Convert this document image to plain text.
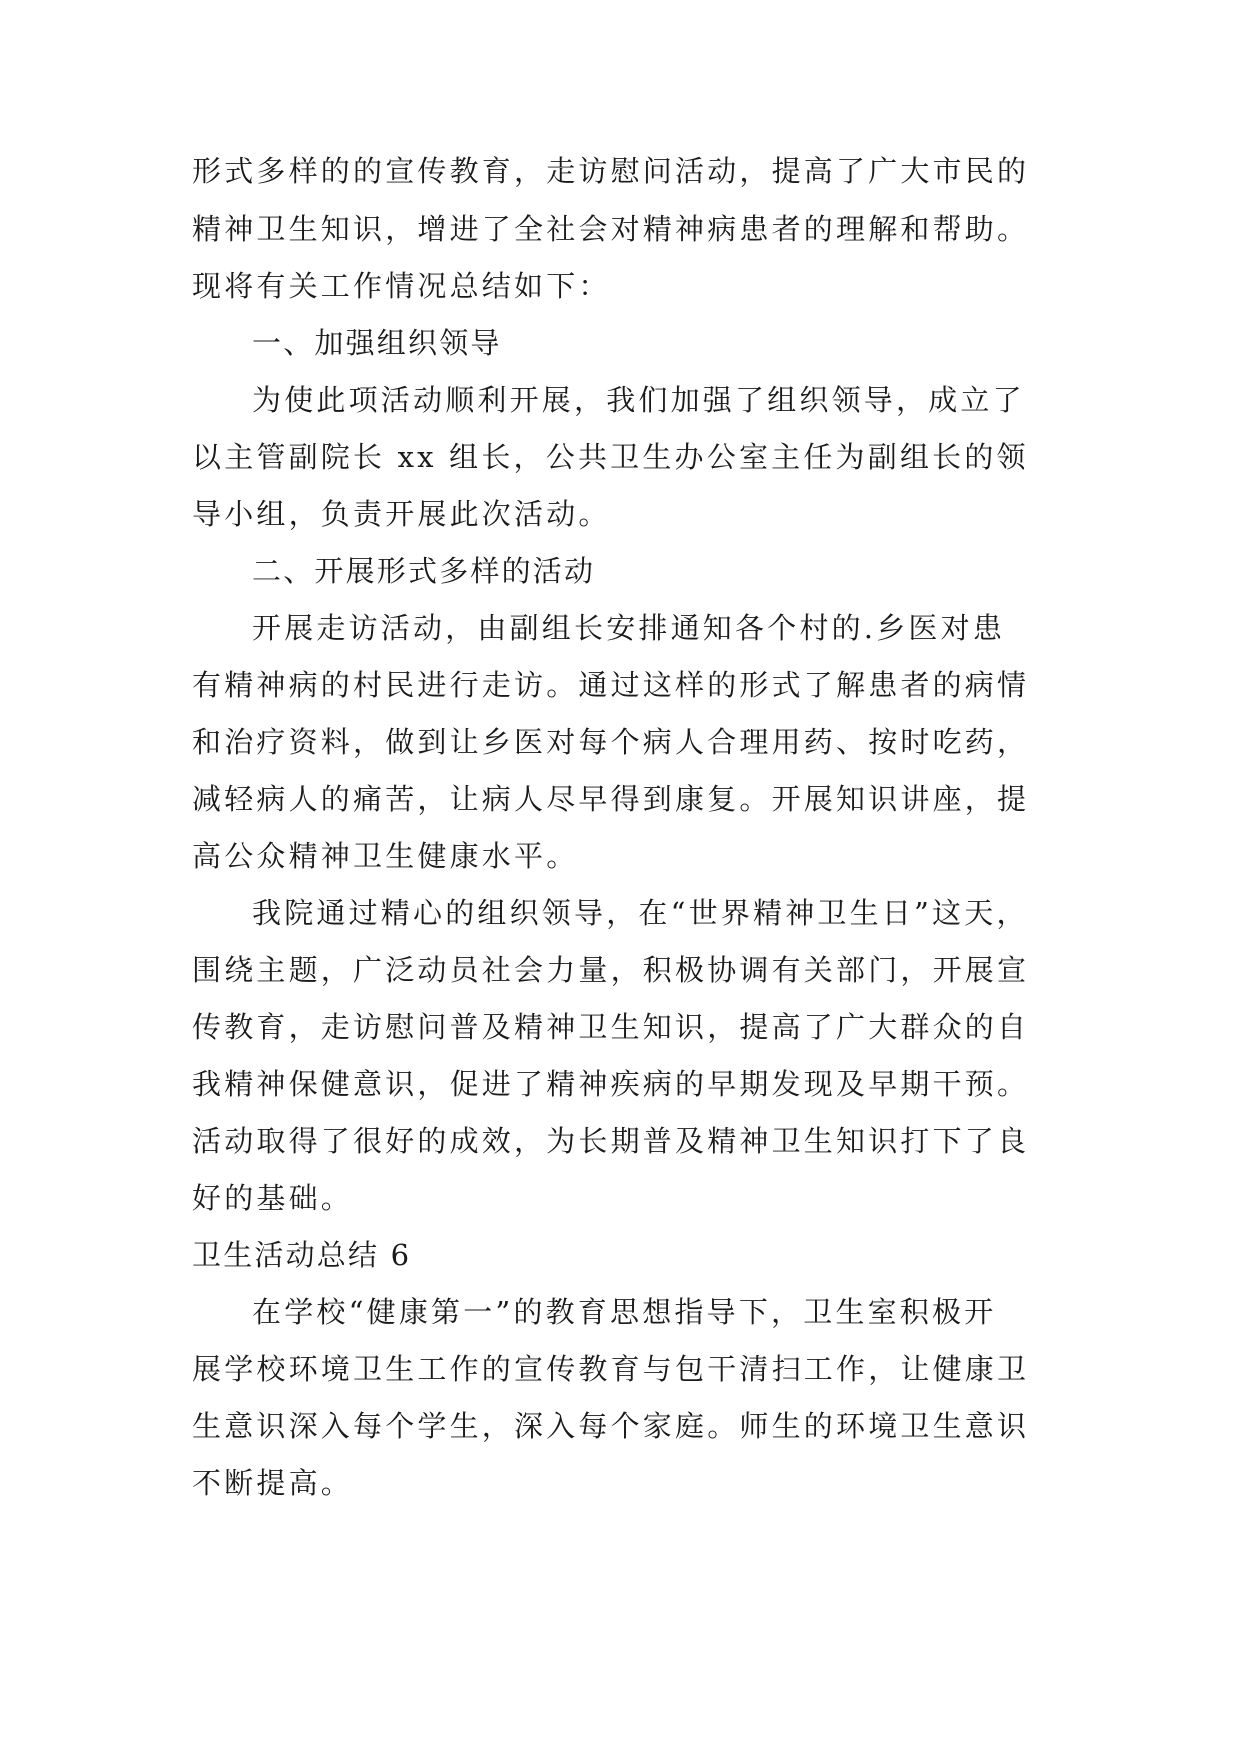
形式多样的的宣传教育，走访慰问活动，提高了广大市民的

精神卫生知识，增进了全社会对精神病患者的理解和帮助。

现将有关工作情况总结如下：

一、加强组织领导

为使此项活动顺利开展，我们加强了组织领导，成立了

以主管副院长 xx 组长，公共卫生办公室主任为副组长的领

导小组，负责开展此次活动。

二、开展形式多样的活动

开展走访活动，由副组长安排通知各个村的.乡医对患

有精神病的村民进行走访。通过这样的形式了解患者的病情

和治疗资料，做到让乡医对每个病人合理用药、按时吃药，

减轻病人的痛苦，让病人尽早得到康复。开展知识讲座，提

高公众精神卫生健康水平。

我院通过精心的组织领导，在“世界精神卫生日”这天，

围绕主题，广泛动员社会力量，积极协调有关部门，开展宣

传教育，走访慰问普及精神卫生知识，提高了广大群众的自

我精神保健意识，促进了精神疾病的早期发现及早期干预。

活动取得了很好的成效，为长期普及精神卫生知识打下了良

好的基础。

卫生活动总结 6

在学校“健康第一”的教育思想指导下，卫生室积极开

展学校环境卫生工作的宣传教育与包干清扫工作，让健康卫

生意识深入每个学生，深入每个家庭。师生的环境卫生意识

不断提高。
